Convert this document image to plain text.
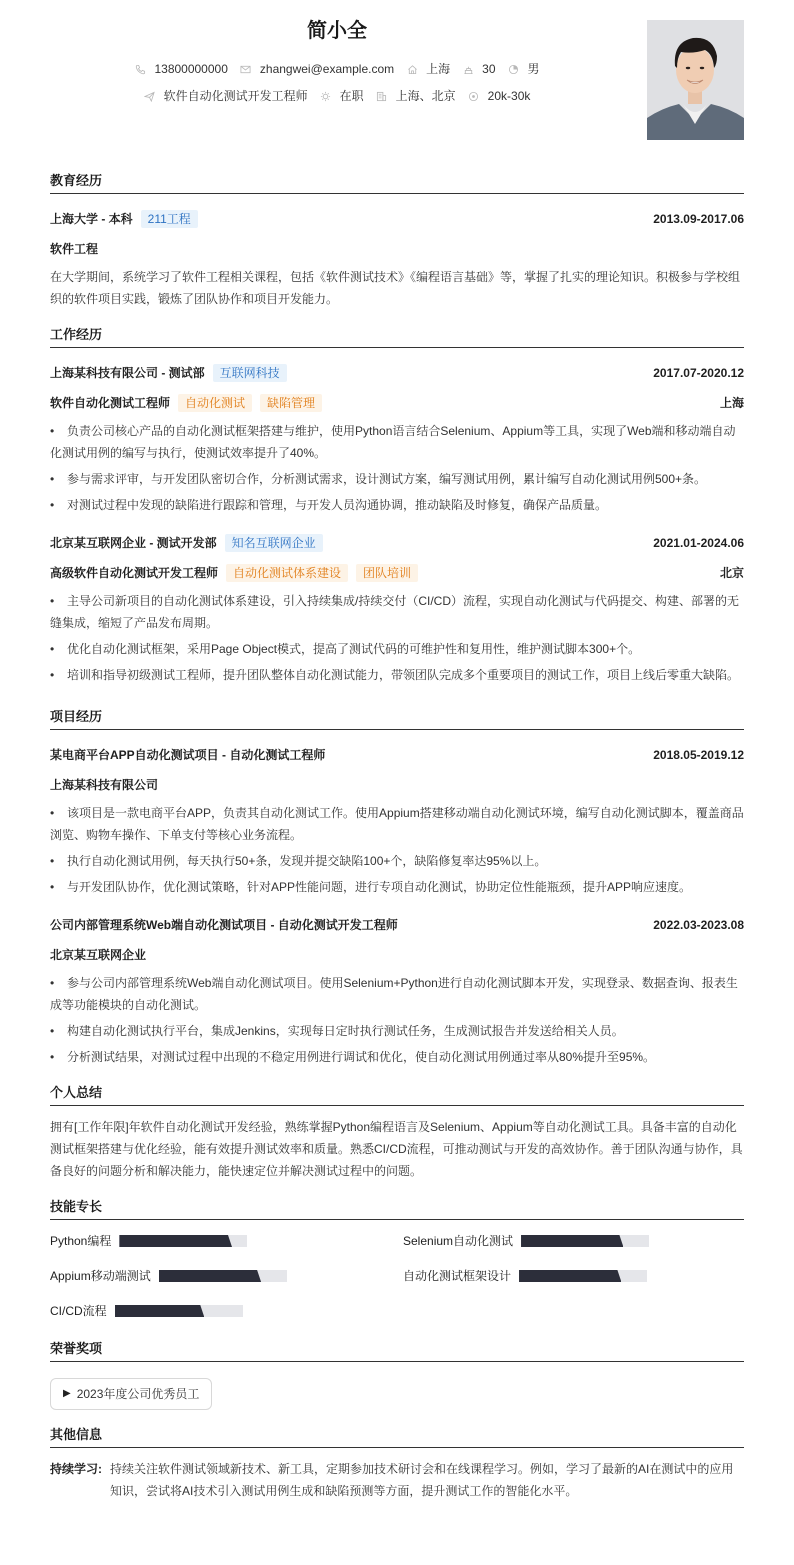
简小全
13800000000	zhangwei@example.com	上海	30	男
软件自动化测试开发工程师	在职	上海、北京	20k-30k
教育经历
上海大学 - 本科	211工程	2013.09-2017.06
软件工程
在大学期间，系统学习了软件工程相关课程，包括《软件测试技术》《编程语言基础》等，掌握了扎实的理论知识。积极参与学校组织的软件项目实践，锻炼了团队协作和项目开发能力。
工作经历
上海某科技有限公司 - 测试部	互联网科技	2017.07-2020.12
软件自动化测试工程师	自动化测试	缺陷管理	上海
• 负责公司核心产品的自动化测试框架搭建与维护，使用Python语言结合Selenium、Appium等工具，实现了Web端和移动端自动化测试用例的编写与执行，使测试效率提升了40%。
• 参与需求评审，与开发团队密切合作，分析测试需求，设计测试方案，编写测试用例，累计编写自动化测试用例500+条。
• 对测试过程中发现的缺陷进行跟踪和管理，与开发人员沟通协调，推动缺陷及时修复，确保产品质量。
北京某互联网企业 - 测试开发部	知名互联网企业	2021.01-2024.06
高级软件自动化测试开发工程师	自动化测试体系建设	团队培训	北京
• 主导公司新项目的自动化测试体系建设，引入持续集成/持续交付（CI/CD）流程，实现自动化测试与代码提交、构建、部署的无缝集成，缩短了产品发布周期。
• 优化自动化测试框架，采用Page Object模式，提高了测试代码的可维护性和复用性，维护测试脚本300+个。
• 培训和指导初级测试工程师，提升团队整体自动化测试能力，带领团队完成多个重要项目的测试工作，项目上线后零重大缺陷。
项目经历
某电商平台APP自动化测试项目 - 自动化测试工程师	2018.05-2019.12
上海某科技有限公司
• 该项目是一款电商平台APP，负责其自动化测试工作。使用Appium搭建移动端自动化测试环境，编写自动化测试脚本，覆盖商品浏览、购物车操作、下单支付等核心业务流程。
• 执行自动化测试用例，每天执行50+条，发现并提交缺陷100+个，缺陷修复率达95%以上。
• 与开发团队协作，优化测试策略，针对APP性能问题，进行专项自动化测试，协助定位性能瓶颈，提升APP响应速度。
公司内部管理系统Web端自动化测试项目 - 自动化测试开发工程师	2022.03-2023.08
北京某互联网企业
• 参与公司内部管理系统Web端自动化测试项目。使用Selenium+Python进行自动化测试脚本开发，实现登录、数据查询、报表生成等功能模块的自动化测试。
• 构建自动化测试执行平台，集成Jenkins，实现每日定时执行测试任务，生成测试报告并发送给相关人员。
• 分析测试结果，对测试过程中出现的不稳定用例进行调试和优化，使自动化测试用例通过率从80%提升至95%。
个人总结
拥有[工作年限]年软件自动化测试开发经验，熟练掌握Python编程语言及Selenium、Appium等自动化测试工具。具备丰富的自动化测试框架搭建与优化经验，能有效提升测试效率和质量。熟悉CI/CD流程，可推动测试与开发的高效协作。善于团队沟通与协作，具备良好的问题分析和解决能力，能快速定位并解决测试过程中的问题。
技能专长
Python编程	Selenium自动化测试
Appium移动端测试	自动化测试框架设计
CI/CD流程
荣誉奖项
▶ 2023年度公司优秀员工
其他信息
持续学习: 持续关注软件测试领域新技术、新工具，定期参加技术研讨会和在线课程学习。例如，学习了最新的AI在测试中的应用知识，尝试将AI技术引入测试用例生成和缺陷预测等方面，提升测试工作的智能化水平。
